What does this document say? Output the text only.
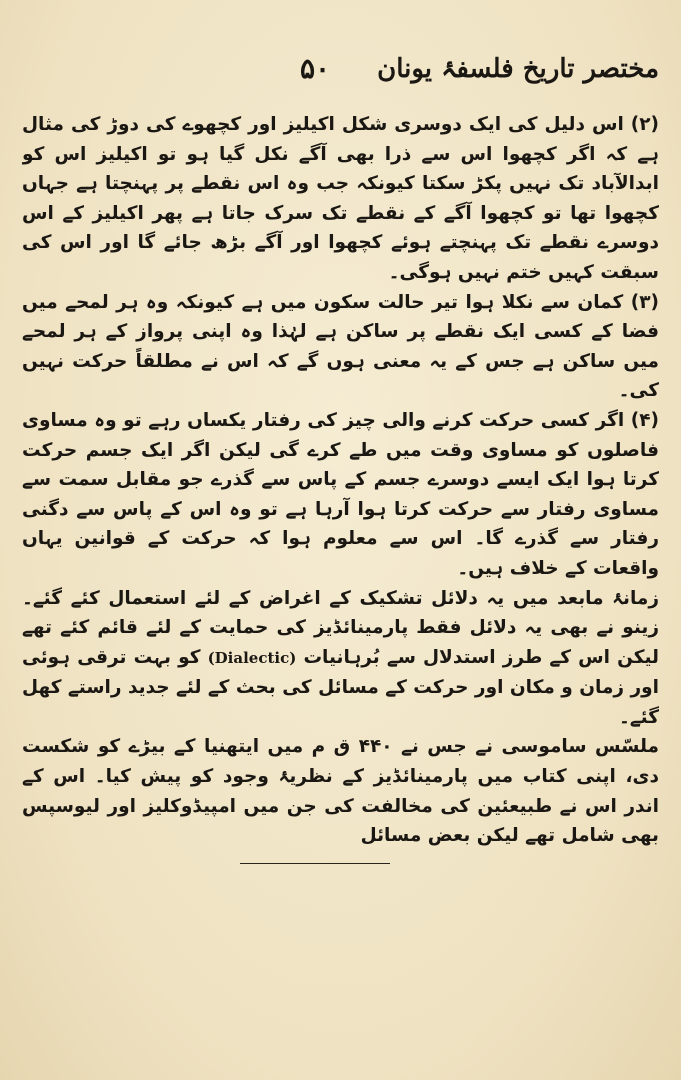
مختصر تاریخ فلسفۂ یونان
۵۰

(۲) اس دلیل کی ایک دوسری شکل اکیلیز اور کچھوے کی دوڑ کی مثال ہے کہ اگر کچھوا اس سے ذرا بھی آگے نکل گیا ہو تو اکیلیز اس کو ابدالآباد تک نہیں پکڑ سکتا کیونکہ جب وہ اس نقطے پر پہنچتا ہے جہاں کچھوا تھا تو کچھوا آگے کے نقطے تک سرک جاتا ہے پھر اکیلیز کے اس دوسرے نقطے تک پہنچتے ہوئے کچھوا اور آگے بڑھ جائے گا اور اس کی سبقت کہیں ختم نہیں ہوگی۔

(۳) کمان سے نکلا ہوا تیر حالت سکون میں ہے کیونکہ وہ ہر لمحے میں فضا کے کسی ایک نقطے پر ساکن ہے لہٰذا وہ اپنی پرواز کے ہر لمحے میں ساکن ہے جس کے یہ معنی ہوں گے کہ اس نے مطلقاً حرکت نہیں کی۔

(۴) اگر کسی حرکت کرنے والی چیز کی رفتار یکساں رہے تو وہ مساوی فاصلوں کو مساوی وقت میں طے کرے گی لیکن اگر ایک جسم حرکت کرتا ہوا ایک ایسے دوسرے جسم کے پاس سے گذرے جو مقابل سمت سے مساوی رفتار سے حرکت کرتا ہوا آرہا ہے تو وہ اس کے پاس سے دگنی رفتار سے گذرے گا۔ اس سے معلوم ہوا کہ حرکت کے قوانین یہاں واقعات کے خلاف ہیں۔

زمانۂ مابعد میں یہ دلائل تشکیک کے اغراض کے لئے استعمال کئے گئے۔ زینو نے بھی یہ دلائل فقط پارمینائڈیز کی حمایت کے لئے قائم کئے تھے لیکن اس کے طرز استدلال سے بُرہانیات (Dialectic) کو بہت ترقی ہوئی اور زمان و مکان اور حرکت کے مسائل کی بحث کے لئے جدید راستے کھل گئے۔

ملسّس ساموسی نے جس نے ۴۴۰ ق م میں ایتھنیا کے بیڑے کو شکست دی، اپنی کتاب میں پارمینائڈیز کے نظریۂ وجود کو پیش کیا۔ اس کے اندر اس نے طبیعئین کی مخالفت کی جن میں امپیڈوکلیز اور لیوسپس بھی شامل تھے لیکن بعض مسائل
